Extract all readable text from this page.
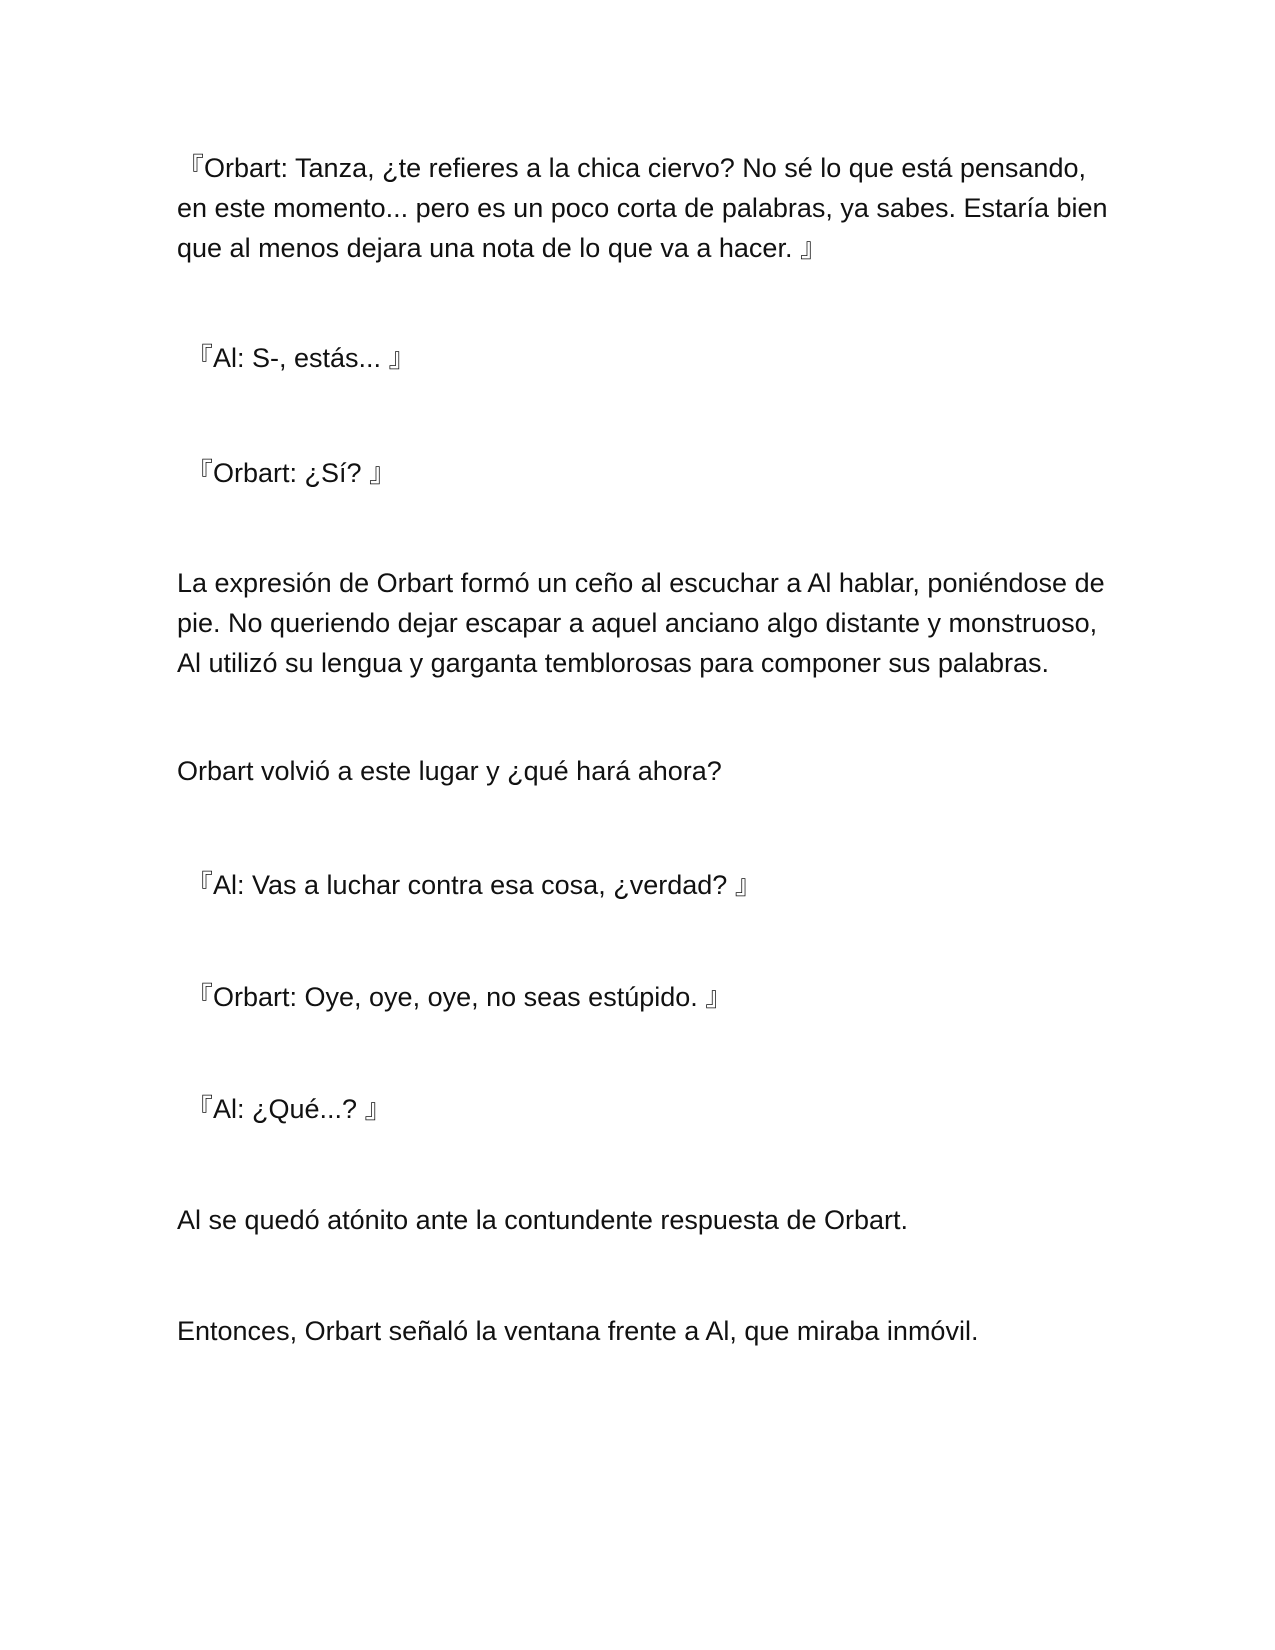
『Orbart: Tanza, ¿te refieres a la chica ciervo? No sé lo que está pensando, en este momento... pero es un poco corta de palabras, ya sabes. Estaría bien que al menos dejara una nota de lo que va a hacer. 』

『Al: S-, estás... 』

『Orbart: ¿Sí? 』

La expresión de Orbart formó un ceño al escuchar a Al hablar, poniéndose de pie. No queriendo dejar escapar a aquel anciano algo distante y monstruoso, Al utilizó su lengua y garganta temblorosas para componer sus palabras.

Orbart volvió a este lugar y ¿qué hará ahora?

『Al: Vas a luchar contra esa cosa, ¿verdad? 』

『Orbart: Oye, oye, oye, no seas estúpido. 』

『Al: ¿Qué...? 』

Al se quedó atónito ante la contundente respuesta de Orbart.

Entonces, Orbart señaló la ventana frente a Al, que miraba inmóvil.
